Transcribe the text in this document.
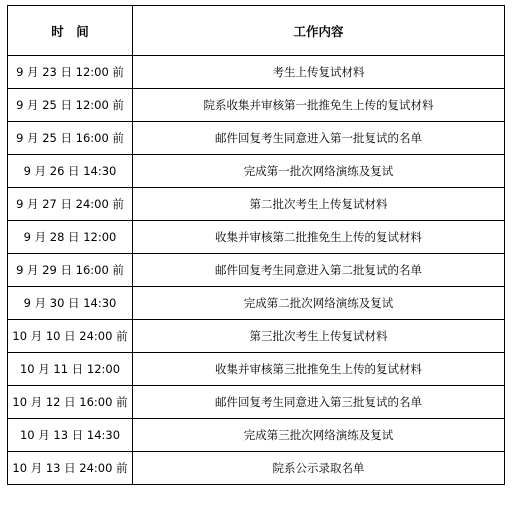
时　间	工作内容
9 月 23 日 12:00 前	考生上传复试材料
9 月 25 日 12:00 前	院系收集并审核第一批推免生上传的复试材料
9 月 25 日 16:00 前	邮件回复考生同意进入第一批复试的名单
9 月 26 日 14:30	完成第一批次网络演练及复试
9 月 27 日 24:00 前	第二批次考生上传复试材料
9 月 28 日 12:00	收集并审核第二批推免生上传的复试材料
9 月 29 日 16:00 前	邮件回复考生同意进入第二批复试的名单
9 月 30 日 14:30	完成第二批次网络演练及复试
10 月 10 日 24:00 前	第三批次考生上传复试材料
10 月 11 日 12:00	收集并审核第三批推免生上传的复试材料
10 月 12 日 16:00 前	邮件回复考生同意进入第三批复试的名单
10 月 13 日 14:30	完成第三批次网络演练及复试
10 月 13 日 24:00 前	院系公示录取名单
